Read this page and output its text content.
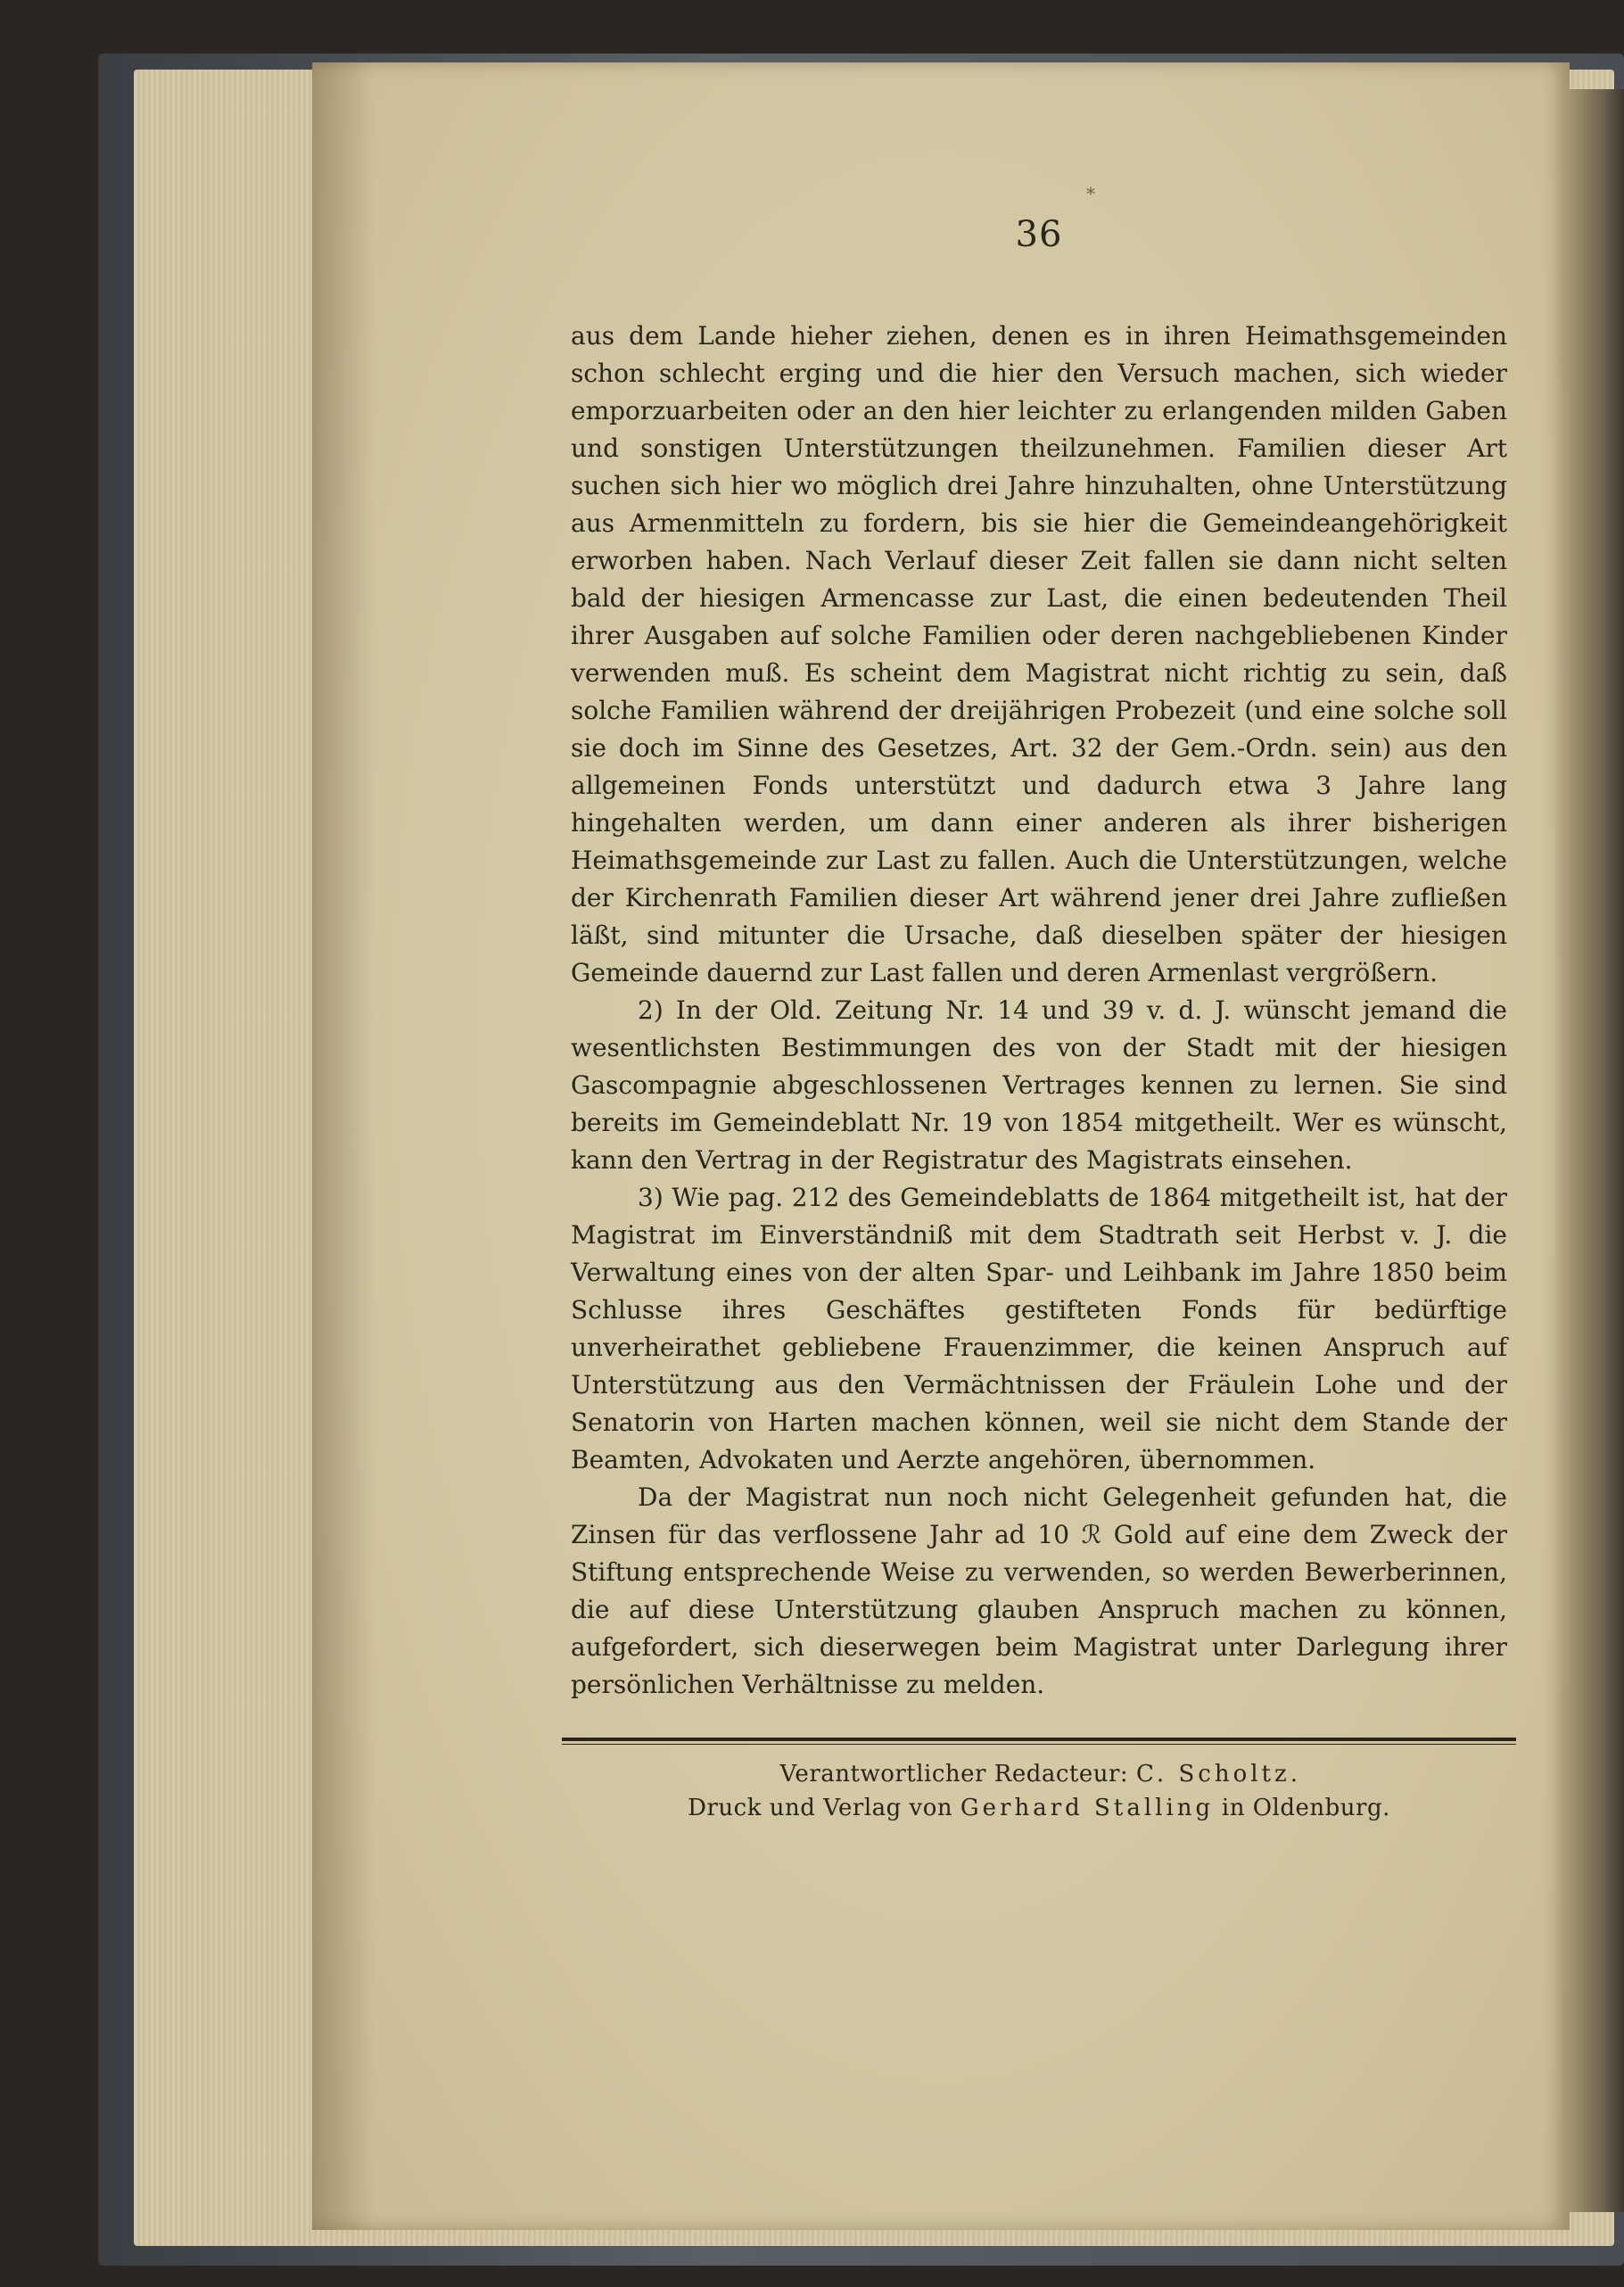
*
36

aus dem Lande hieher ziehen, denen es in ihren Heimathsgemeinden schon schlecht erging und die hier den Versuch machen, sich wieder emporzuarbeiten oder an den hier leichter zu erlangenden milden Gaben und sonstigen Unterstützungen theilzunehmen. Familien dieser Art suchen sich hier wo möglich drei Jahre hinzuhalten, ohne Unterstützung aus Armenmitteln zu fordern, bis sie hier die Gemeindeangehörigkeit erworben haben. Nach Verlauf dieser Zeit fallen sie dann nicht selten bald der hiesigen Armencasse zur Last, die einen bedeutenden Theil ihrer Ausgaben auf solche Familien oder deren nachgebliebenen Kinder verwenden muß. Es scheint dem Magistrat nicht richtig zu sein, daß solche Familien während der dreijährigen Probezeit (und eine solche soll sie doch im Sinne des Gesetzes, Art. 32 der Gem.-Ordn. sein) aus den allgemeinen Fonds unterstützt und dadurch etwa 3 Jahre lang hingehalten werden, um dann einer anderen als ihrer bisherigen Heimathsgemeinde zur Last zu fallen. Auch die Unterstützungen, welche der Kirchenrath Familien dieser Art während jener drei Jahre zufließen läßt, sind mitunter die Ursache, daß dieselben später der hiesigen Gemeinde dauernd zur Last fallen und deren Armenlast vergrößern.

2) In der Old. Zeitung Nr. 14 und 39 v. d. J. wünscht jemand die wesentlichsten Bestimmungen des von der Stadt mit der hiesigen Gascompagnie abgeschlossenen Vertrages kennen zu lernen. Sie sind bereits im Gemeindeblatt Nr. 19 von 1854 mitgetheilt. Wer es wünscht, kann den Vertrag in der Registratur des Magistrats einsehen.

3) Wie pag. 212 des Gemeindeblatts de 1864 mitgetheilt ist, hat der Magistrat im Einverständniß mit dem Stadtrath seit Herbst v. J. die Verwaltung eines von der alten Spar- und Leihbank im Jahre 1850 beim Schlusse ihres Geschäftes gestifteten Fonds für bedürftige unverheirathet gebliebene Frauenzimmer, die keinen Anspruch auf Unterstützung aus den Vermächtnissen der Fräulein Lohe und der Senatorin von Harten machen können, weil sie nicht dem Stande der Beamten, Advokaten und Aerzte angehören, übernommen.

Da der Magistrat nun noch nicht Gelegenheit gefunden hat, die Zinsen für das verflossene Jahr ad 10 ℛ Gold auf eine dem Zweck der Stiftung entsprechende Weise zu verwenden, so werden Bewerberinnen, die auf diese Unterstützung glauben Anspruch machen zu können, aufgefordert, sich dieserwegen beim Magistrat unter Darlegung ihrer persönlichen Verhältnisse zu melden.

Verantwortlicher Redacteur: C. Scholtz.
Druck und Verlag von Gerhard Stalling in Oldenburg.
